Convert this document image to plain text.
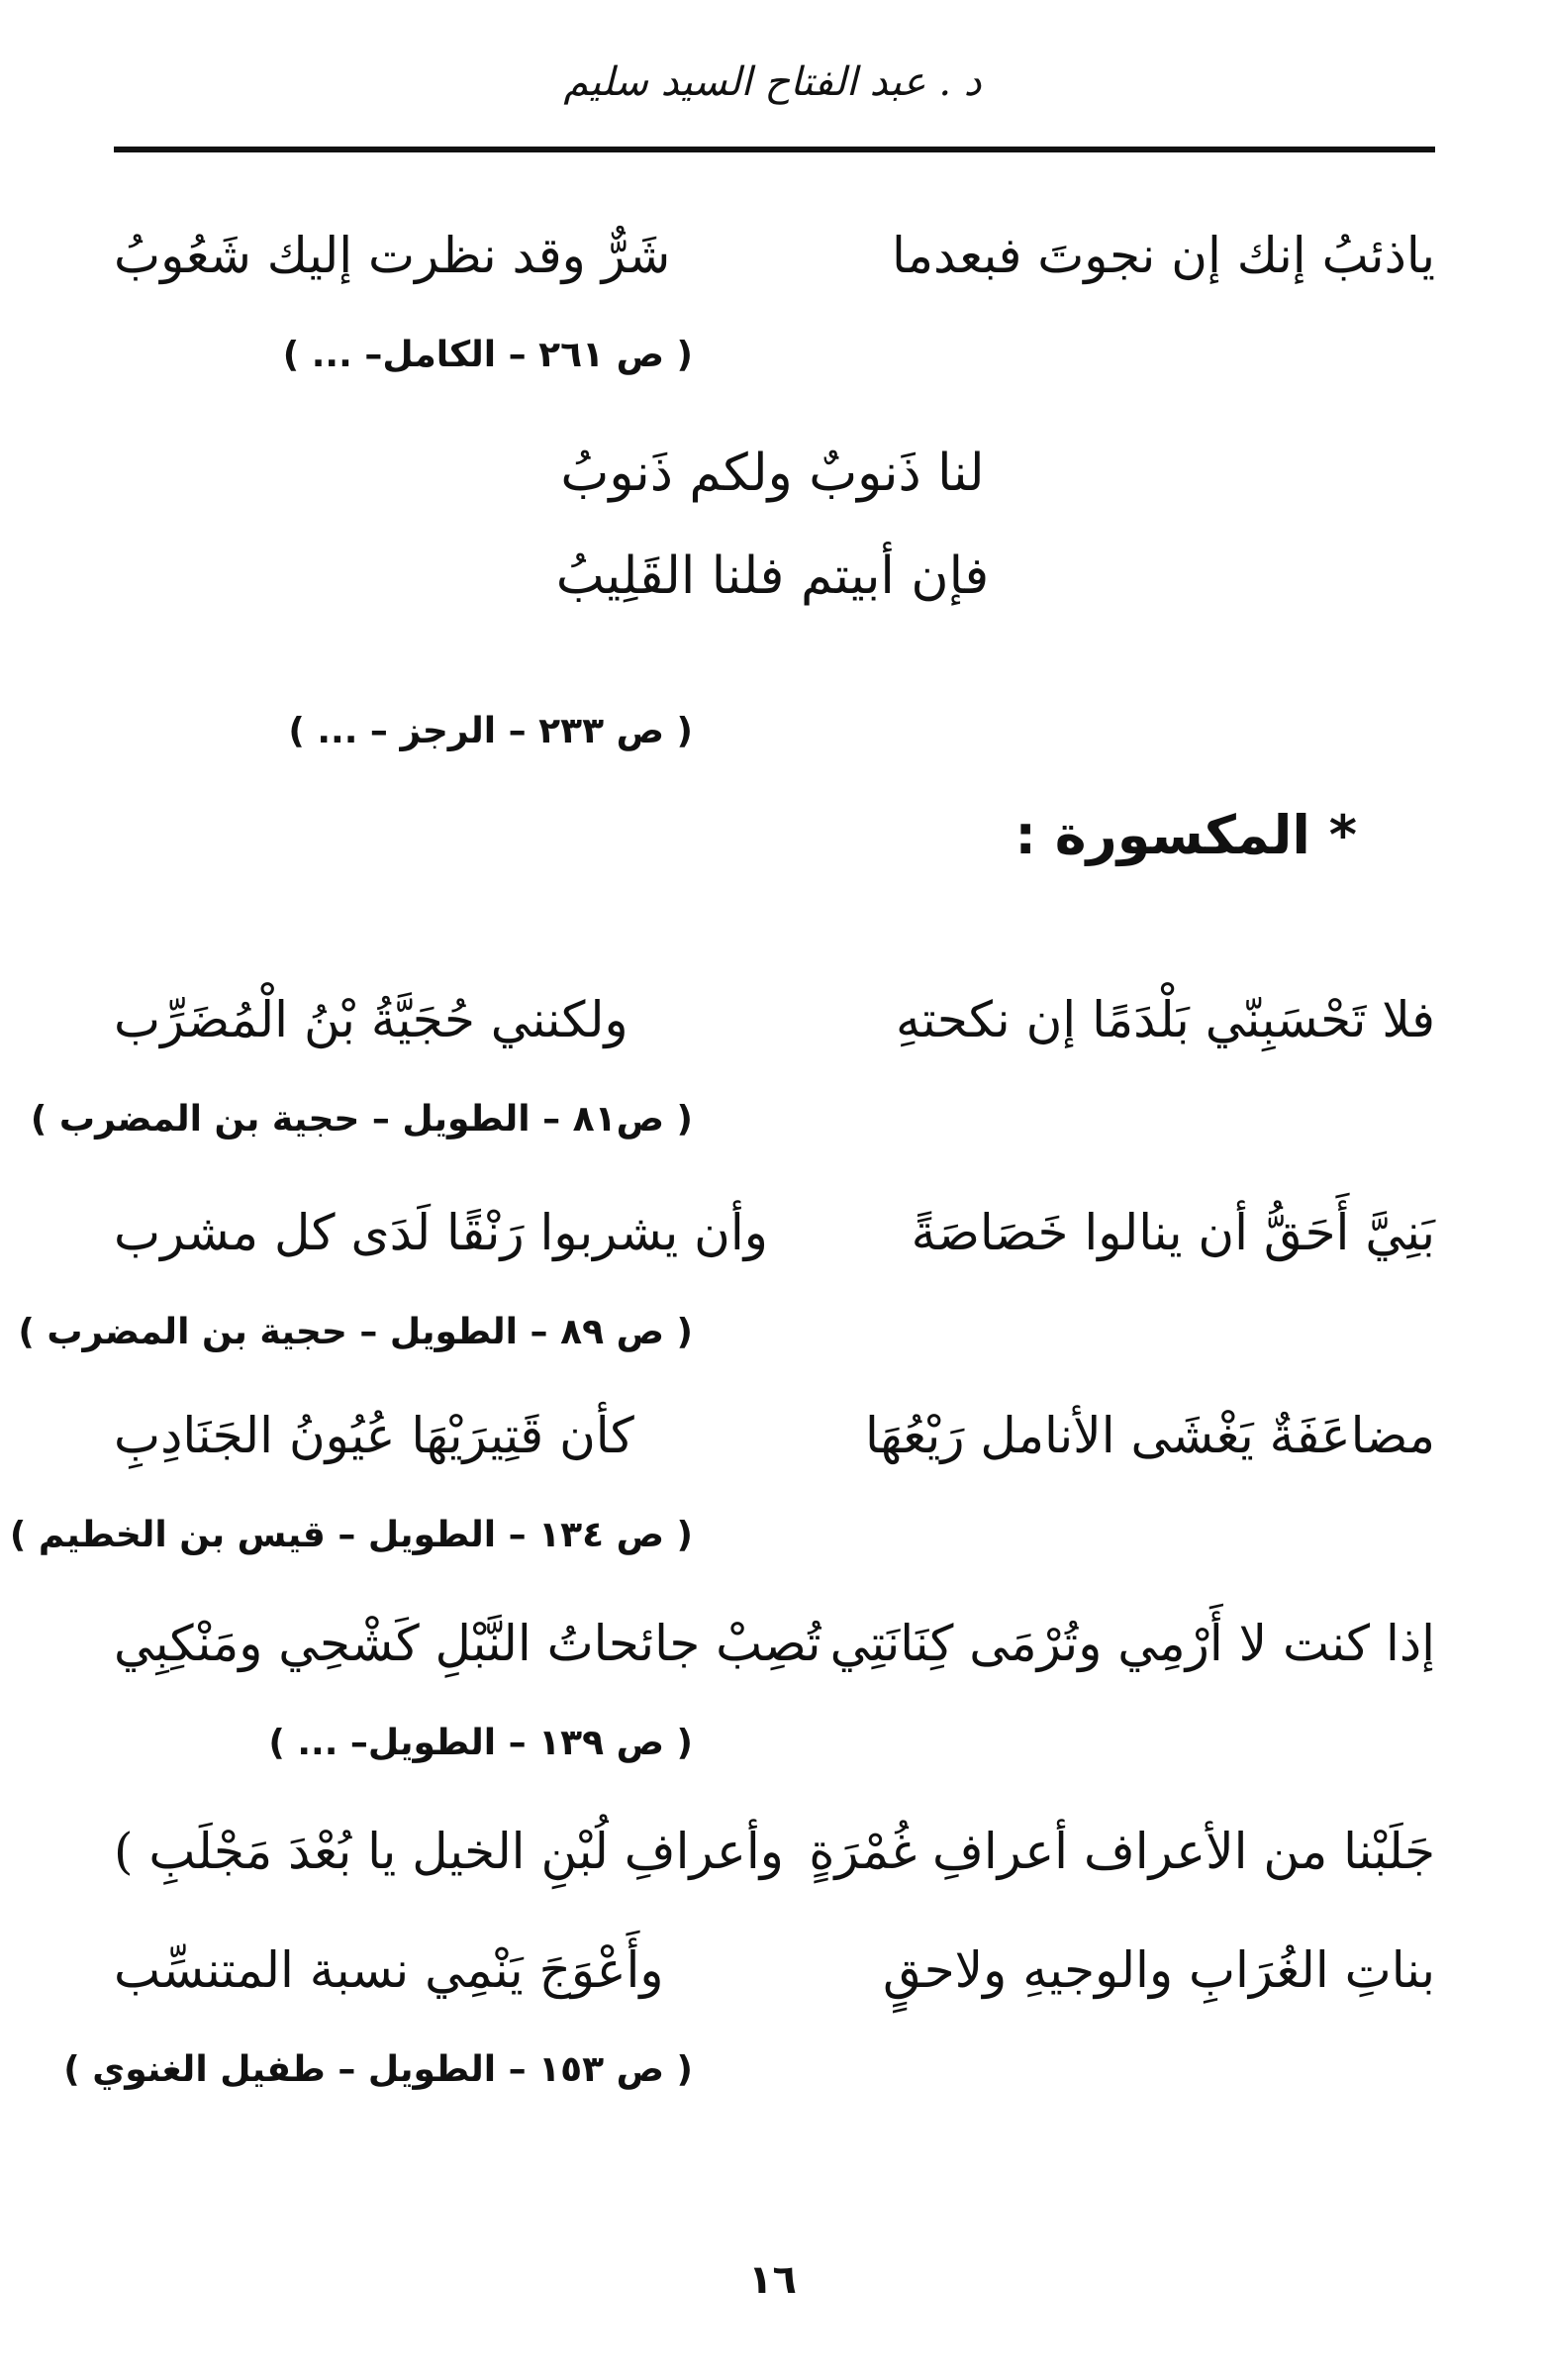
د . عبد الفتاح السيد سليم
ياذئبُ إنك إن نجوتَ فبعدما
شَرٌّ وقد نظرت إليك شَعُوبُ
( ص ٢٦١ – الكامل– ... )
لنا ذَنوبٌ ولكم ذَنوبُ
فإن أبيتم فلنا القَلِيبُ
( ص ٢٣٣ – الرجز – ... )
* المكسورة :
فلا تَحْسَبِنّي بَلْدَمًا إن نكحتهِ
ولكنني حُجَيَّةُ بْنُ الْمُضَرِّب
( ص٨١ – الطويل – حجية بن المضرب )
بَنِيَّ أَحَقُّ أن ينالوا خَصَاصَةً
وأن يشربوا رَنْقًا لَدَى كل مشرب
( ص ٨٩ – الطويل – حجية بن المضرب )
مضاعَفَةٌ يَغْشَى الأنامل رَيْعُهَا
كأن قَتِيرَيْهَا عُيُونُ الجَنَادِبِ
( ص ١٣٤ – الطويل – قيس بن الخطيم )
إذا كنت لا أَرْمِي وتُرْمَى كِنَانَتِي
تُصِبْ جائحاتُ النَّبْلِ كَشْحِي ومَنْكِبِي
( ص ١٣٩ – الطويل– ... )
جَلَبْنا من الأعراف أعرافِ غُمْرَةٍ
وأعرافِ لُبْنِ الخيل يا بُعْدَ مَجْلَبِ )
بناتِ الغُرَابِ والوجيهِ ولاحقٍ
وأَعْوَجَ يَنْمِي نسبة المتنسِّب
( ص ١٥٣ – الطويل – طفيل الغنوي )
١٦
